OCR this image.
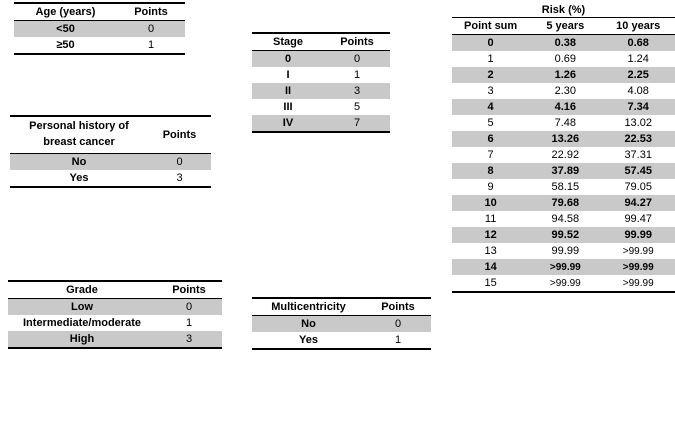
Age (years)	Points
<50	0
≥50	1
Personal history of
breast cancer	Points
No	0
Yes	3
Grade	Points
Low	0
Intermediate/moderate	1
High	3
Stage	Points
0	0
I	1
II	3
III	5
IV	7
Multicentricity	Points
No	0
Yes	1
Risk (%)		
Point sum	5 years	10 years
0	0.38	0.68
1	0.69	1.24
2	1.26	2.25
3	2.30	4.08
4	4.16	7.34
5	7.48	13.02
6	13.26	22.53
7	22.92	37.31
8	37.89	57.45
9	58.15	79.05
10	79.68	94.27
11	94.58	99.47
12	99.52	99.99
13	99.99	>99.99
14	>99.99	>99.99
15	>99.99	>99.99
